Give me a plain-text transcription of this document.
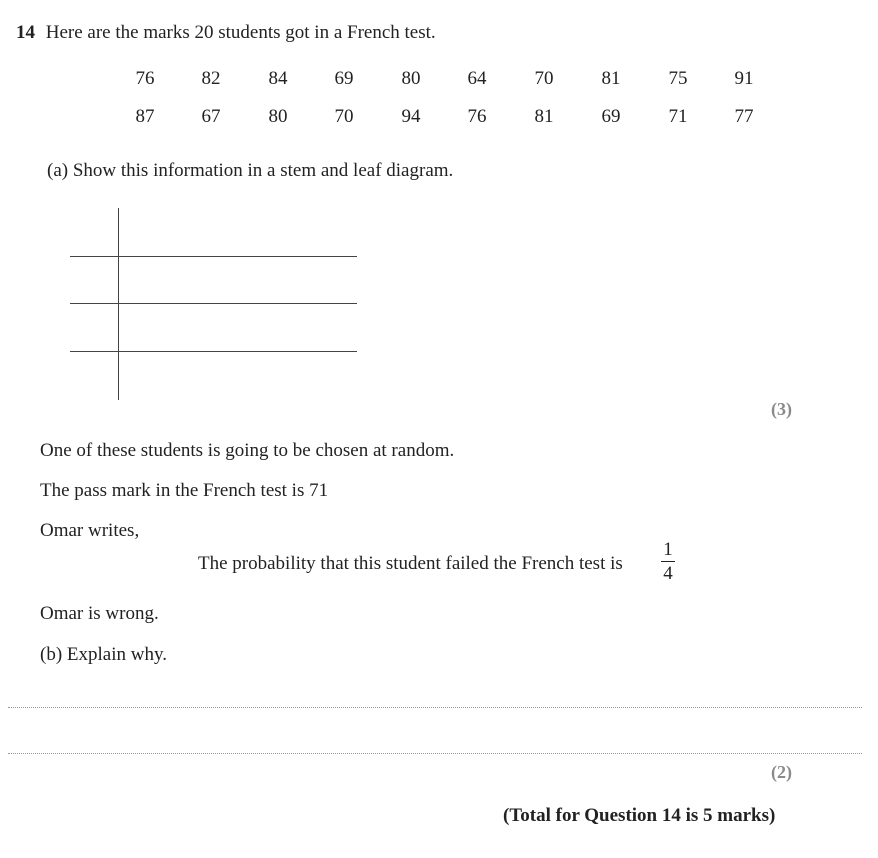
14 Here are the marks 20 students got in a French test.
76	82	84	69	80	64	70	81	75	91
87	67	80	70	94	76	81	69	71	77
(a) Show this information in a stem and leaf diagram.
(3)
One of these students is going to be chosen at random.
The pass mark in the French test is 71
Omar writes,
The probability that this student failed the French test is
1
4
Omar is wrong.
(b) Explain why.
(2)
(Total for Question 14 is 5 marks)
